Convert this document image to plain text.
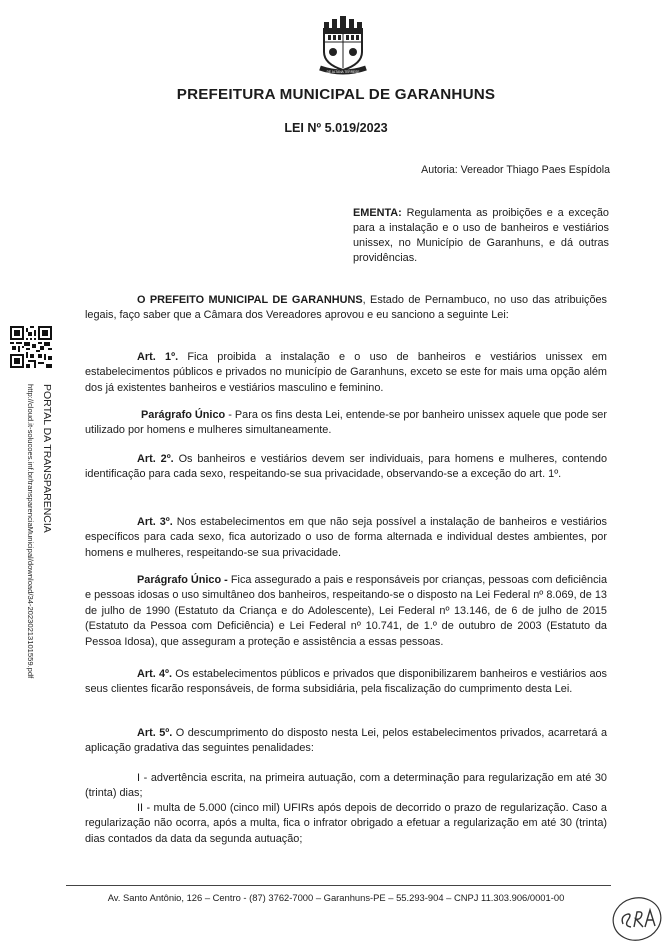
DE ALTANA TERRESE
PREFEITURA MUNICIPAL DE GARANHUNS
LEI Nº 5.019/2023
Autoria: Vereador Thiago Paes Espídola
EMENTA: Regulamenta as proibições e a exceção para a instalação e o uso de banheiros e vestiários unissex, no Município de Garanhuns, e dá outras providências.
O PREFEITO MUNICIPAL DE GARANHUNS, Estado de Pernambuco, no uso das atribuições legais, faço saber que a Câmara dos Vereadores aprovou e eu sanciono a seguinte Lei:
Art. 1º. Fica proibida a instalação e o uso de banheiros e vestiários unissex em estabelecimentos públicos e privados no município de Garanhuns, exceto se este for mais uma opção além dos já existentes banheiros e vestiários masculino e feminino.
Parágrafo Único - Para os fins desta Lei, entende-se por banheiro unissex aquele que pode ser utilizado por homens e mulheres simultaneamente.
Art. 2º. Os banheiros e vestiários devem ser individuais, para homens e mulheres, contendo identificação para cada sexo, respeitando-se sua privacidade, observando-se a exceção do art. 1º.
Art. 3º. Nos estabelecimentos em que não seja possível a instalação de banheiros e vestiários específicos para cada sexo, fica autorizado o uso de forma alternada e individual destes ambientes, por homens e mulheres, respeitando-se sua privacidade.
Parágrafo Único - Fica assegurado a pais e responsáveis por crianças, pessoas com deficiência e pessoas idosas o uso simultâneo dos banheiros, respeitando-se o disposto na Lei Federal nº 8.069, de 13 de julho de 1990 (Estatuto da Criança e do Adolescente), Lei Federal nº 13.146, de 6 de julho de 2015 (Estatuto da Pessoa com Deficiência) e Lei Federal nº 10.741, de 1.º de outubro de 2003 (Estatuto da Pessoa Idosa), que asseguram a proteção e assistência a essas pessoas.
Art. 4º. Os estabelecimentos públicos e privados que disponibilizarem banheiros e vestiários aos seus clientes ficarão responsáveis, de forma subsidiária, pela fiscalização do cumprimento desta Lei.
Art. 5º. O descumprimento do disposto nesta Lei, pelos estabelecimentos privados, acarretará a aplicação gradativa das seguintes penalidades:
I - advertência escrita, na primeira autuação, com a determinação para regularização em até 30 (trinta) dias;
II - multa de 5.000 (cinco mil) UFIRs após depois de decorrido o prazo de regularização. Caso a regularização não ocorra, após a multa, fica o infrator obrigado a efetuar a regularização em até 30 (trinta) dias contados da data da segunda autuação;
PORTAL DA TRANSPARENCIA
http://cloud.it-solucoes.inf.br/transparenciaMunicipal/download/34-20230213101559.pdf
Av. Santo Antônio, 126 – Centro - (87) 3762-7000 – Garanhuns-PE – 55.293-904 – CNPJ 11.303.906/0001-00
